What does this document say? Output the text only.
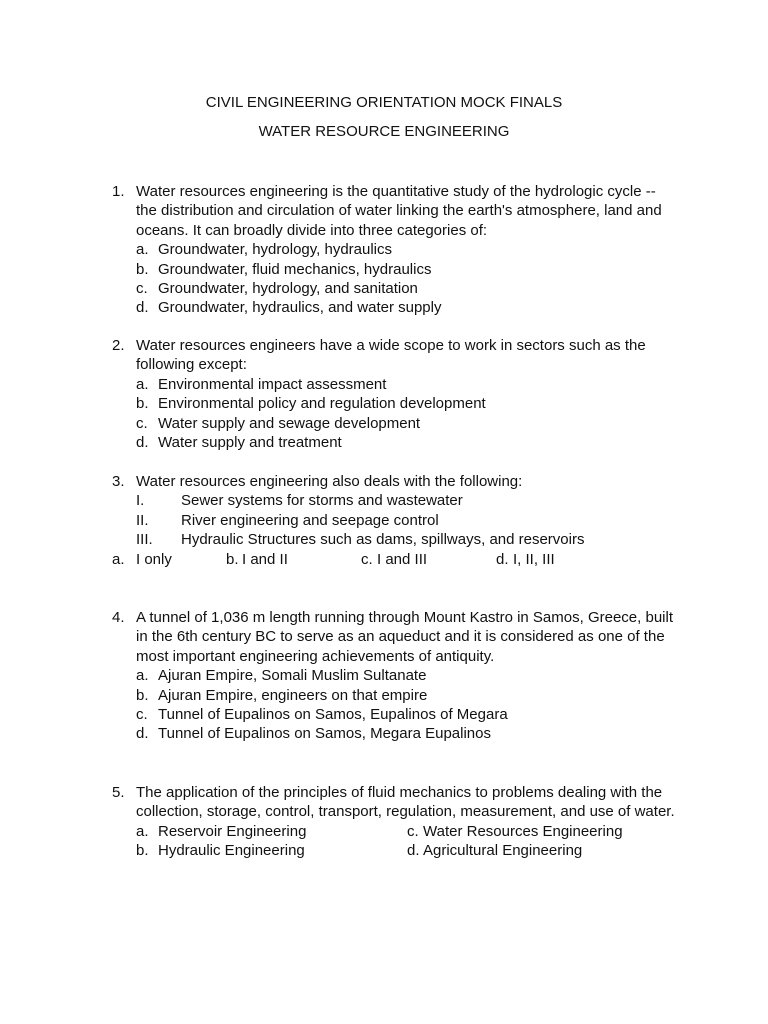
CIVIL ENGINEERING ORIENTATION MOCK FINALS
WATER RESOURCE ENGINEERING
1. Water resources engineering is the quantitative study of the hydrologic cycle --
the distribution and circulation of water linking the earth's atmosphere, land and
oceans. It can broadly divide into three categories of:
a. Groundwater, hydrology, hydraulics
b. Groundwater, fluid mechanics, hydraulics
c. Groundwater, hydrology, and sanitation
d. Groundwater, hydraulics, and water supply
2. Water resources engineers have a wide scope to work in sectors such as the
following except:
a. Environmental impact assessment
b. Environmental policy and regulation development
c. Water supply and sewage development
d. Water supply and treatment
3. Water resources engineering also deals with the following:
I. Sewer systems for storms and wastewater
II. River engineering and seepage control
III. Hydraulic Structures such as dams, spillways, and reservoirs
a. I only	b. I and II	c. I and III	d. I, II, III
4. A tunnel of 1,036 m length running through Mount Kastro in Samos, Greece, built
in the 6th century BC to serve as an aqueduct and it is considered as one of the
most important engineering achievements of antiquity.
a. Ajuran Empire, Somali Muslim Sultanate
b. Ajuran Empire, engineers on that empire
c. Tunnel of Eupalinos on Samos, Eupalinos of Megara
d. Tunnel of Eupalinos on Samos, Megara Eupalinos
5. The application of the principles of fluid mechanics to problems dealing with the
collection, storage, control, transport, regulation, measurement, and use of water.
a. Reservoir Engineering	c. Water Resources Engineering
b. Hydraulic Engineering	d. Agricultural Engineering
